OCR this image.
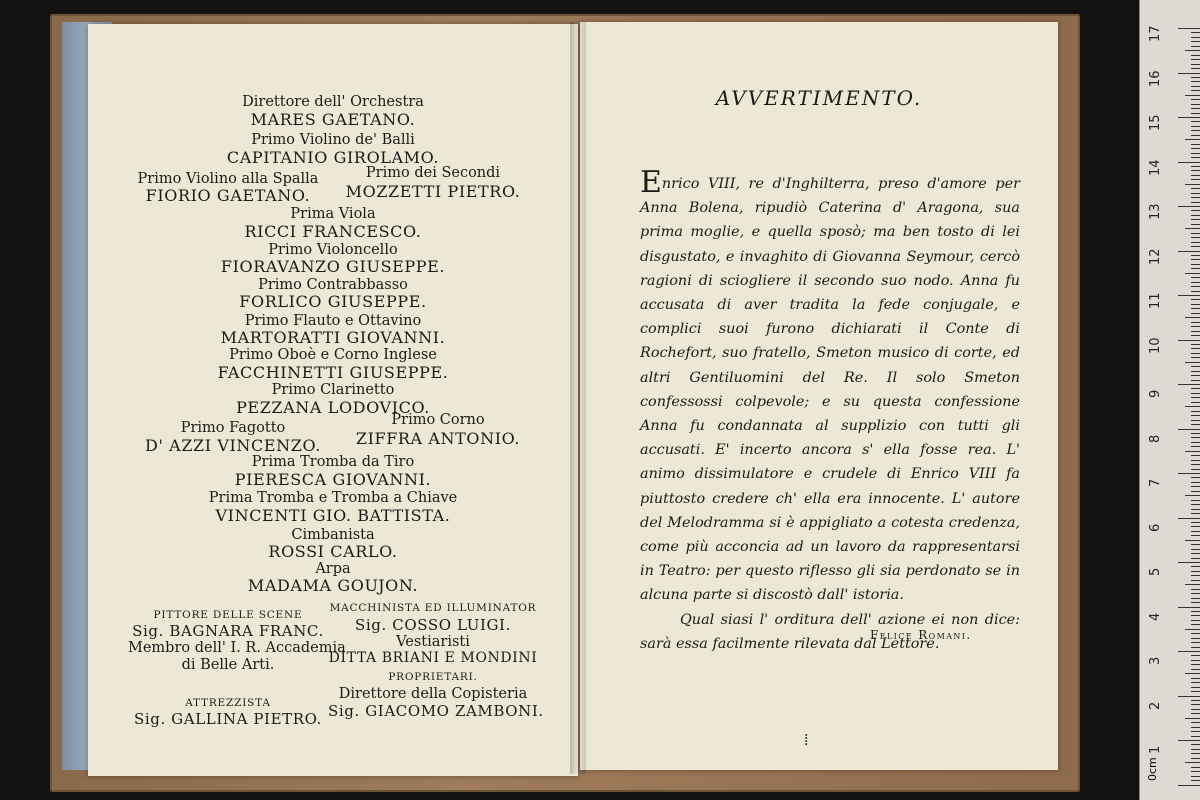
Direttore dell' Orchestra
MARES GAETANO.
Primo Violino de' Balli
CAPITANIO GIROLAMO.
Primo Violino alla Spalla
FIORIO GAETANO.
Primo dei Secondi
MOZZETTI PIETRO.
Prima Viola
RICCI FRANCESCO.
Primo Violoncello
FIORAVANZO GIUSEPPE.
Primo Contrabbasso
FORLICO GIUSEPPE.
Primo Flauto e Ottavino
MARTORATTI GIOVANNI.
Primo Oboè e Corno Inglese
FACCHINETTI GIUSEPPE.
Primo Clarinetto
PEZZANA LODOVICO.
Primo Fagotto
D' AZZI VINCENZO.
Primo Corno
ZIFFRA ANTONIO.
Prima Tromba da Tiro
PIERESCA GIOVANNI.
Prima Tromba e Tromba a Chiave
VINCENTI GIO. BATTISTA.
Cimbanista
ROSSI CARLO.
Arpa
MADAMA GOUJON.
PITTORE DELLE SCENE
Sig. BAGNARA FRANC.
Membro dell' I. R. Accademia
di Belle Arti.
MACCHINISTA ED ILLUMINATOR
Sig. COSSO LUIGI.
Vestiaristi
DITTA BRIANI E MONDINI
PROPRIETARI.
ATTREZZISTA
Sig. GALLINA PIETRO.
Direttore della Copisteria
Sig. GIACOMO ZAMBONI.
AVVERTIMENTO.

Enrico VIII, re d'Inghilterra, preso d'amore per Anna Bolena, ripudiò Caterina d' Aragona, sua prima moglie, e quella sposò; ma ben tosto di lei disgustato, e invaghito di Giovanna Seymour, cercò ragioni di sciogliere il secondo suo nodo. Anna fu accusata di aver tradita la fede conjugale, e complici suoi furono dichiarati il Conte di Rochefort, suo fratello, Smeton musico di corte, ed altri Gentiluomini del Re. Il solo Smeton confessossi colpevole; e su questa confessione Anna fu condannata al supplizio con tutti gli accusati. E' incerto ancora s' ella fosse rea. L' animo dissimulatore e crudele di Enrico VIII fa piuttosto credere ch' ella era innocente. L' autore del Melodramma si è appigliato a cotesta credenza, come più acconcia ad un lavoro da rappresentarsi in Teatro: per questo riflesso gli sia perdonato se in alcuna parte si discostò dall' istoria.

Qual siasi l' orditura dell' azione ei non dice: sarà essa facilmente rilevata dal Lettore.

Felice Romani.
⁞
0cm
17
16
15
14
13
12
11
10
9
8
7
6
5
4
3
2
1
